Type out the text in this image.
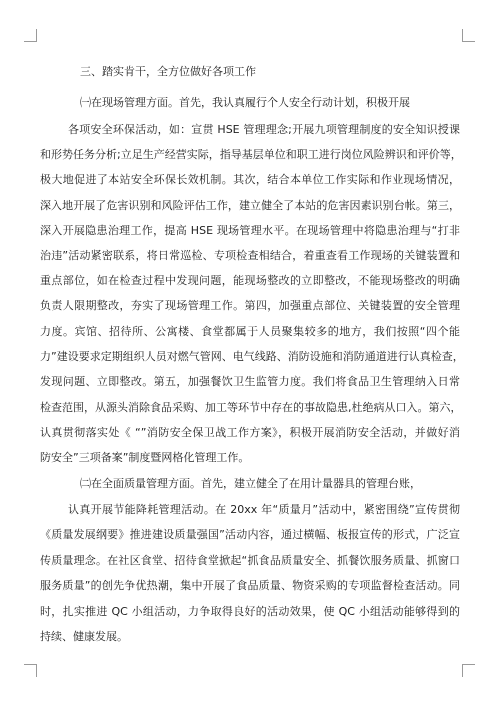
三、踏实肯干，全方位做好各项工作
㈠在现场管理方面。首先，我认真履行个人安全行动计划，积极开展
各项安全环保活动，如：宣贯 HSE 管理理念;开展九项管理制度的安全知识授课
和形势任务分析;立足生产经营实际，指导基层单位和职工进行岗位风险辨识和评价等，
极大地促进了本站安全环保长效机制。其次，结合本单位工作实际和作业现场情况，
深入地开展了危害识别和风险评估工作，建立健全了本站的危害因素识别台帐。第三，
深入开展隐患治理工作，提高 HSE 现场管理水平。在现场管理中将隐患治理与“打非
治违”活动紧密联系，将日常巡检、专项检查相结合，着重查看工作现场的关键装置和
重点部位，如在检查过程中发现问题，能现场整改的立即整改，不能现场整改的明确
负责人限期整改，夯实了现场管理工作。第四，加强重点部位、关键装置的安全管理
力度。宾馆、招待所、公寓楼、食堂都属于人员聚集较多的地方，我们按照“四个能
力”建设要求定期组织人员对燃气管网、电气线路、消防设施和消防通道进行认真检查，
发现问题、立即整改。第五，加强餐饮卫生监管力度。我们将食品卫生管理纳入日常
检查范围，从源头消除食品采购、加工等环节中存在的事故隐患,杜绝病从口入。第六，
认真贯彻落实处《 “”消防安全保卫战工作方案》，积极开展消防安全活动，并做好消
防安全”三项备案”制度暨网格化管理工作。
㈡在全面质量管理方面。首先，建立健全了在用计量器具的管理台账，
认真开展节能降耗管理活动。在 20xx 年“质量月”活动中，紧密围绕”宣传贯彻
《质量发展纲要》推进建设质量强国”活动内容，通过横幅、板报宣传的形式，广泛宣
传质量理念。在社区食堂、招待食堂掀起“抓食品质量安全、抓餐饮服务质量、抓窗口
服务质量”的创先争优热潮，集中开展了食品质量、物资采购的专项监督检查活动。同
时，扎实推进 QC 小组活动，力争取得良好的活动效果，使 QC 小组活动能够得到的
持续、健康发展。
